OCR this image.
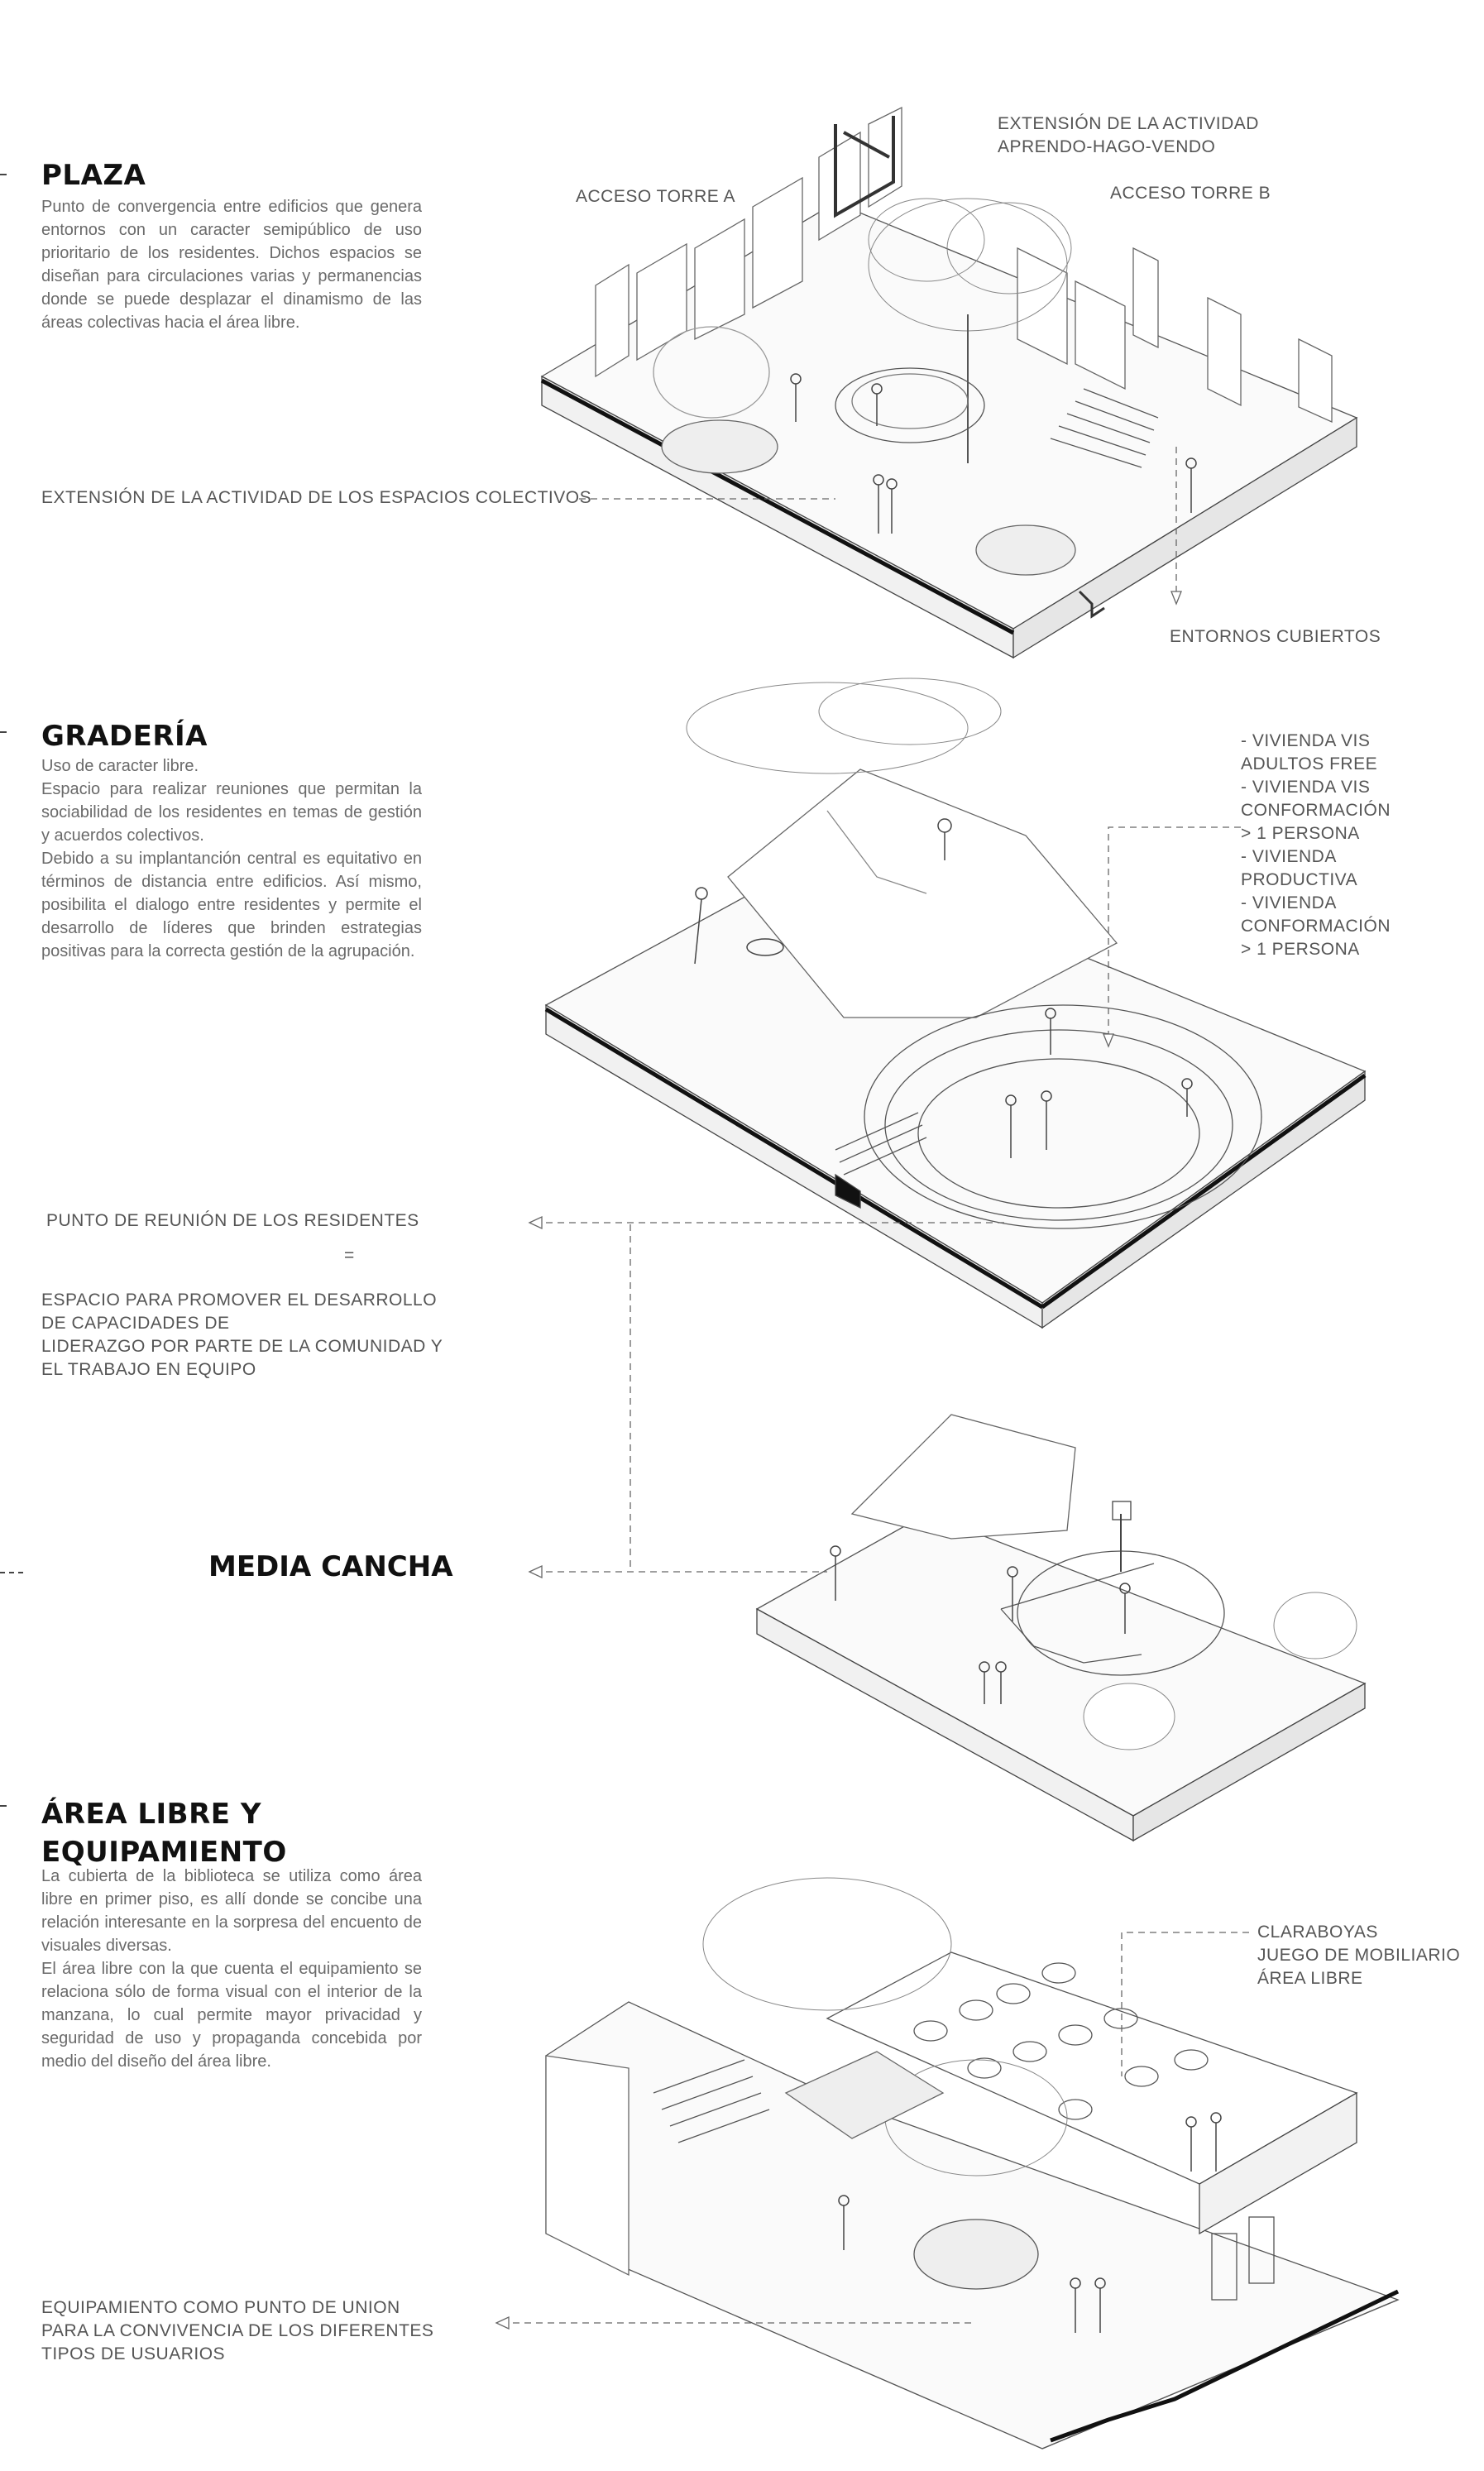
PLAZA
Punto de convergencia entre edificios que genera entornos con un caracter semipúblico de uso prioritario de los residentes. Dichos espacios se diseñan para circulaciones varias y permanencias donde se puede desplazar el dinamismo de las áreas colectivas hacia el área libre.
ACCESO TORRE A
EXTENSIÓN DE LA ACTIVIDAD
APRENDO-HAGO-VENDO
ACCESO TORRE B
EXTENSIÓN DE LA ACTIVIDAD DE LOS ESPACIOS COLECTIVOS
ENTORNOS CUBIERTOS
GRADERÍA
Uso de caracter libre.
Espacio para realizar reuniones que permitan la sociabilidad de los residentes en temas de gestión y acuerdos colectivos.
Debido a su implantanción central es equitativo en términos de distancia entre edificios. Así mismo, posibilita el dialogo entre residentes y permite el desarrollo de líderes que brinden estrategias positivas para la correcta gestión de la agrupación.
- VIVIENDA VIS
ADULTOS FREE
- VIVIENDA VIS
CONFORMACIÓN
> 1 PERSONA
- VIVIENDA
PRODUCTIVA
- VIVIENDA
CONFORMACIÓN
> 1 PERSONA
PUNTO DE REUNIÓN DE LOS RESIDENTES
=
ESPACIO PARA PROMOVER EL DESARROLLO
DE CAPACIDADES DE
LIDERAZGO POR PARTE DE LA COMUNIDAD Y
EL TRABAJO EN EQUIPO
MEDIA CANCHA
ÁREA LIBRE Y
EQUIPAMIENTO
La cubierta de la biblioteca se utiliza como área libre en primer piso, es allí donde se concibe una relación interesante en la sorpresa del encuento de visuales diversas.
El área libre con la que cuenta el equipamiento se relaciona sólo de forma visual con el interior de la manzana, lo cual permite mayor privacidad y seguridad de uso y propaganda concebida por medio del diseño del área libre.
CLARABOYAS
JUEGO DE MOBILIARIO
ÁREA LIBRE
EQUIPAMIENTO COMO PUNTO DE UNION
PARA LA CONVIVENCIA DE LOS DIFERENTES
TIPOS DE USUARIOS
